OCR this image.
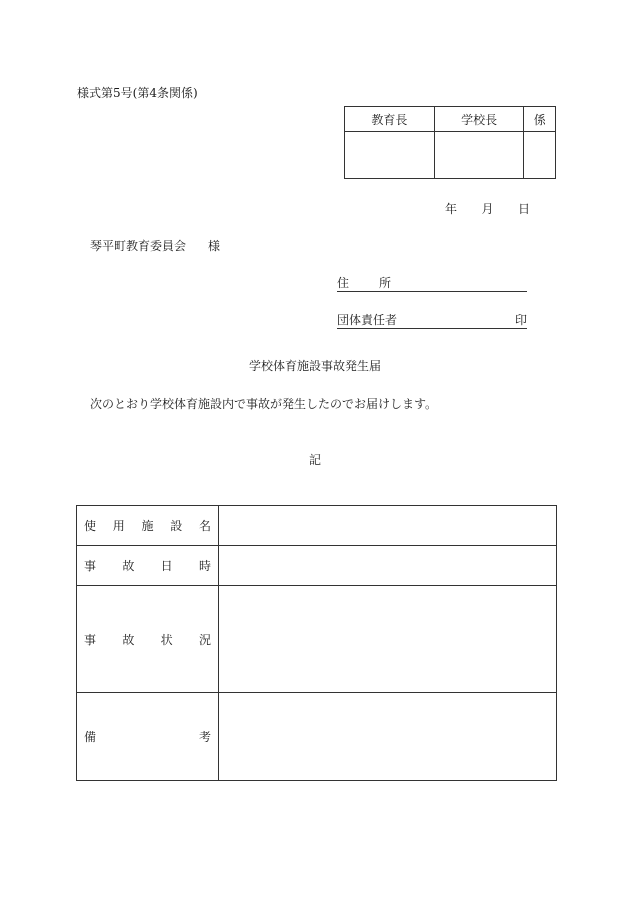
様式第5号(第4条関係)
教育長	学校長	係

年 月 日
琴平町教育委員会 様
住	所
団体責任者	印
学校体育施設事故発生届
次のとおり学校体育施設内で事故が発生したのでお届けします。
記
使 用 施 設 名	

事 故 日 時	

事 故 状 況	

備 考	
